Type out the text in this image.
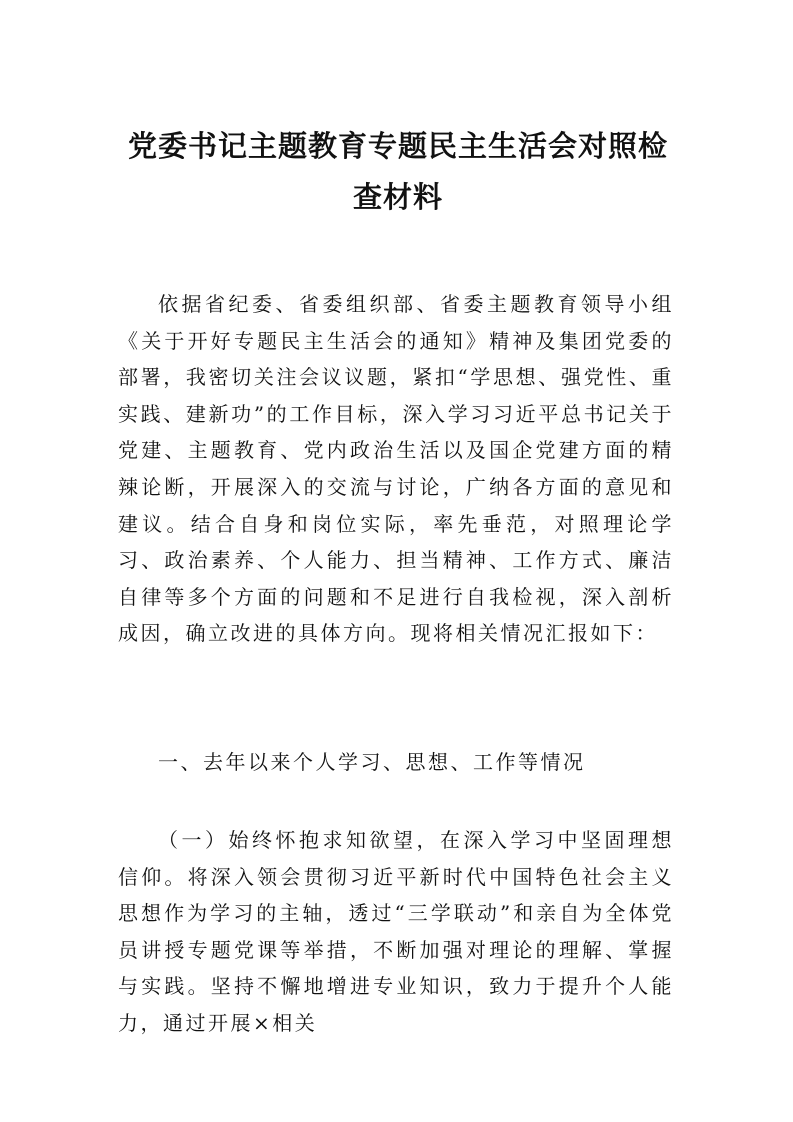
党委书记主题教育专题民主生活会对照检查材料

依据省纪委、省委组织部、省委主题教育领导小组《关于开好专题民主生活会的通知》精神及集团党委的部署，我密切关注会议议题，紧扣“学思想、强党性、重实践、建新功”的工作目标，深入学习习近平总书记关于党建、主题教育、党内政治生活以及国企党建方面的精辣论断，开展深入的交流与讨论，广纳各方面的意见和建议。结合自身和岗位实际，率先垂范，对照理论学习、政治素养、个人能力、担当精神、工作方式、廉洁自律等多个方面的问题和不足进行自我检视，深入剖析成因，确立改进的具体方向。现将相关情况汇报如下：

一、去年以来个人学习、思想、工作等情况

（一）始终怀抱求知欲望，在深入学习中坚固理想信仰。将深入领会贯彻习近平新时代中国特色社会主义思想作为学习的主轴，透过“三学联动”和亲自为全体党员讲授专题党课等举措，不断加强对理论的理解、掌握与实践。坚持不懈地增进专业知识，致力于提升个人能力，通过开展×相关
